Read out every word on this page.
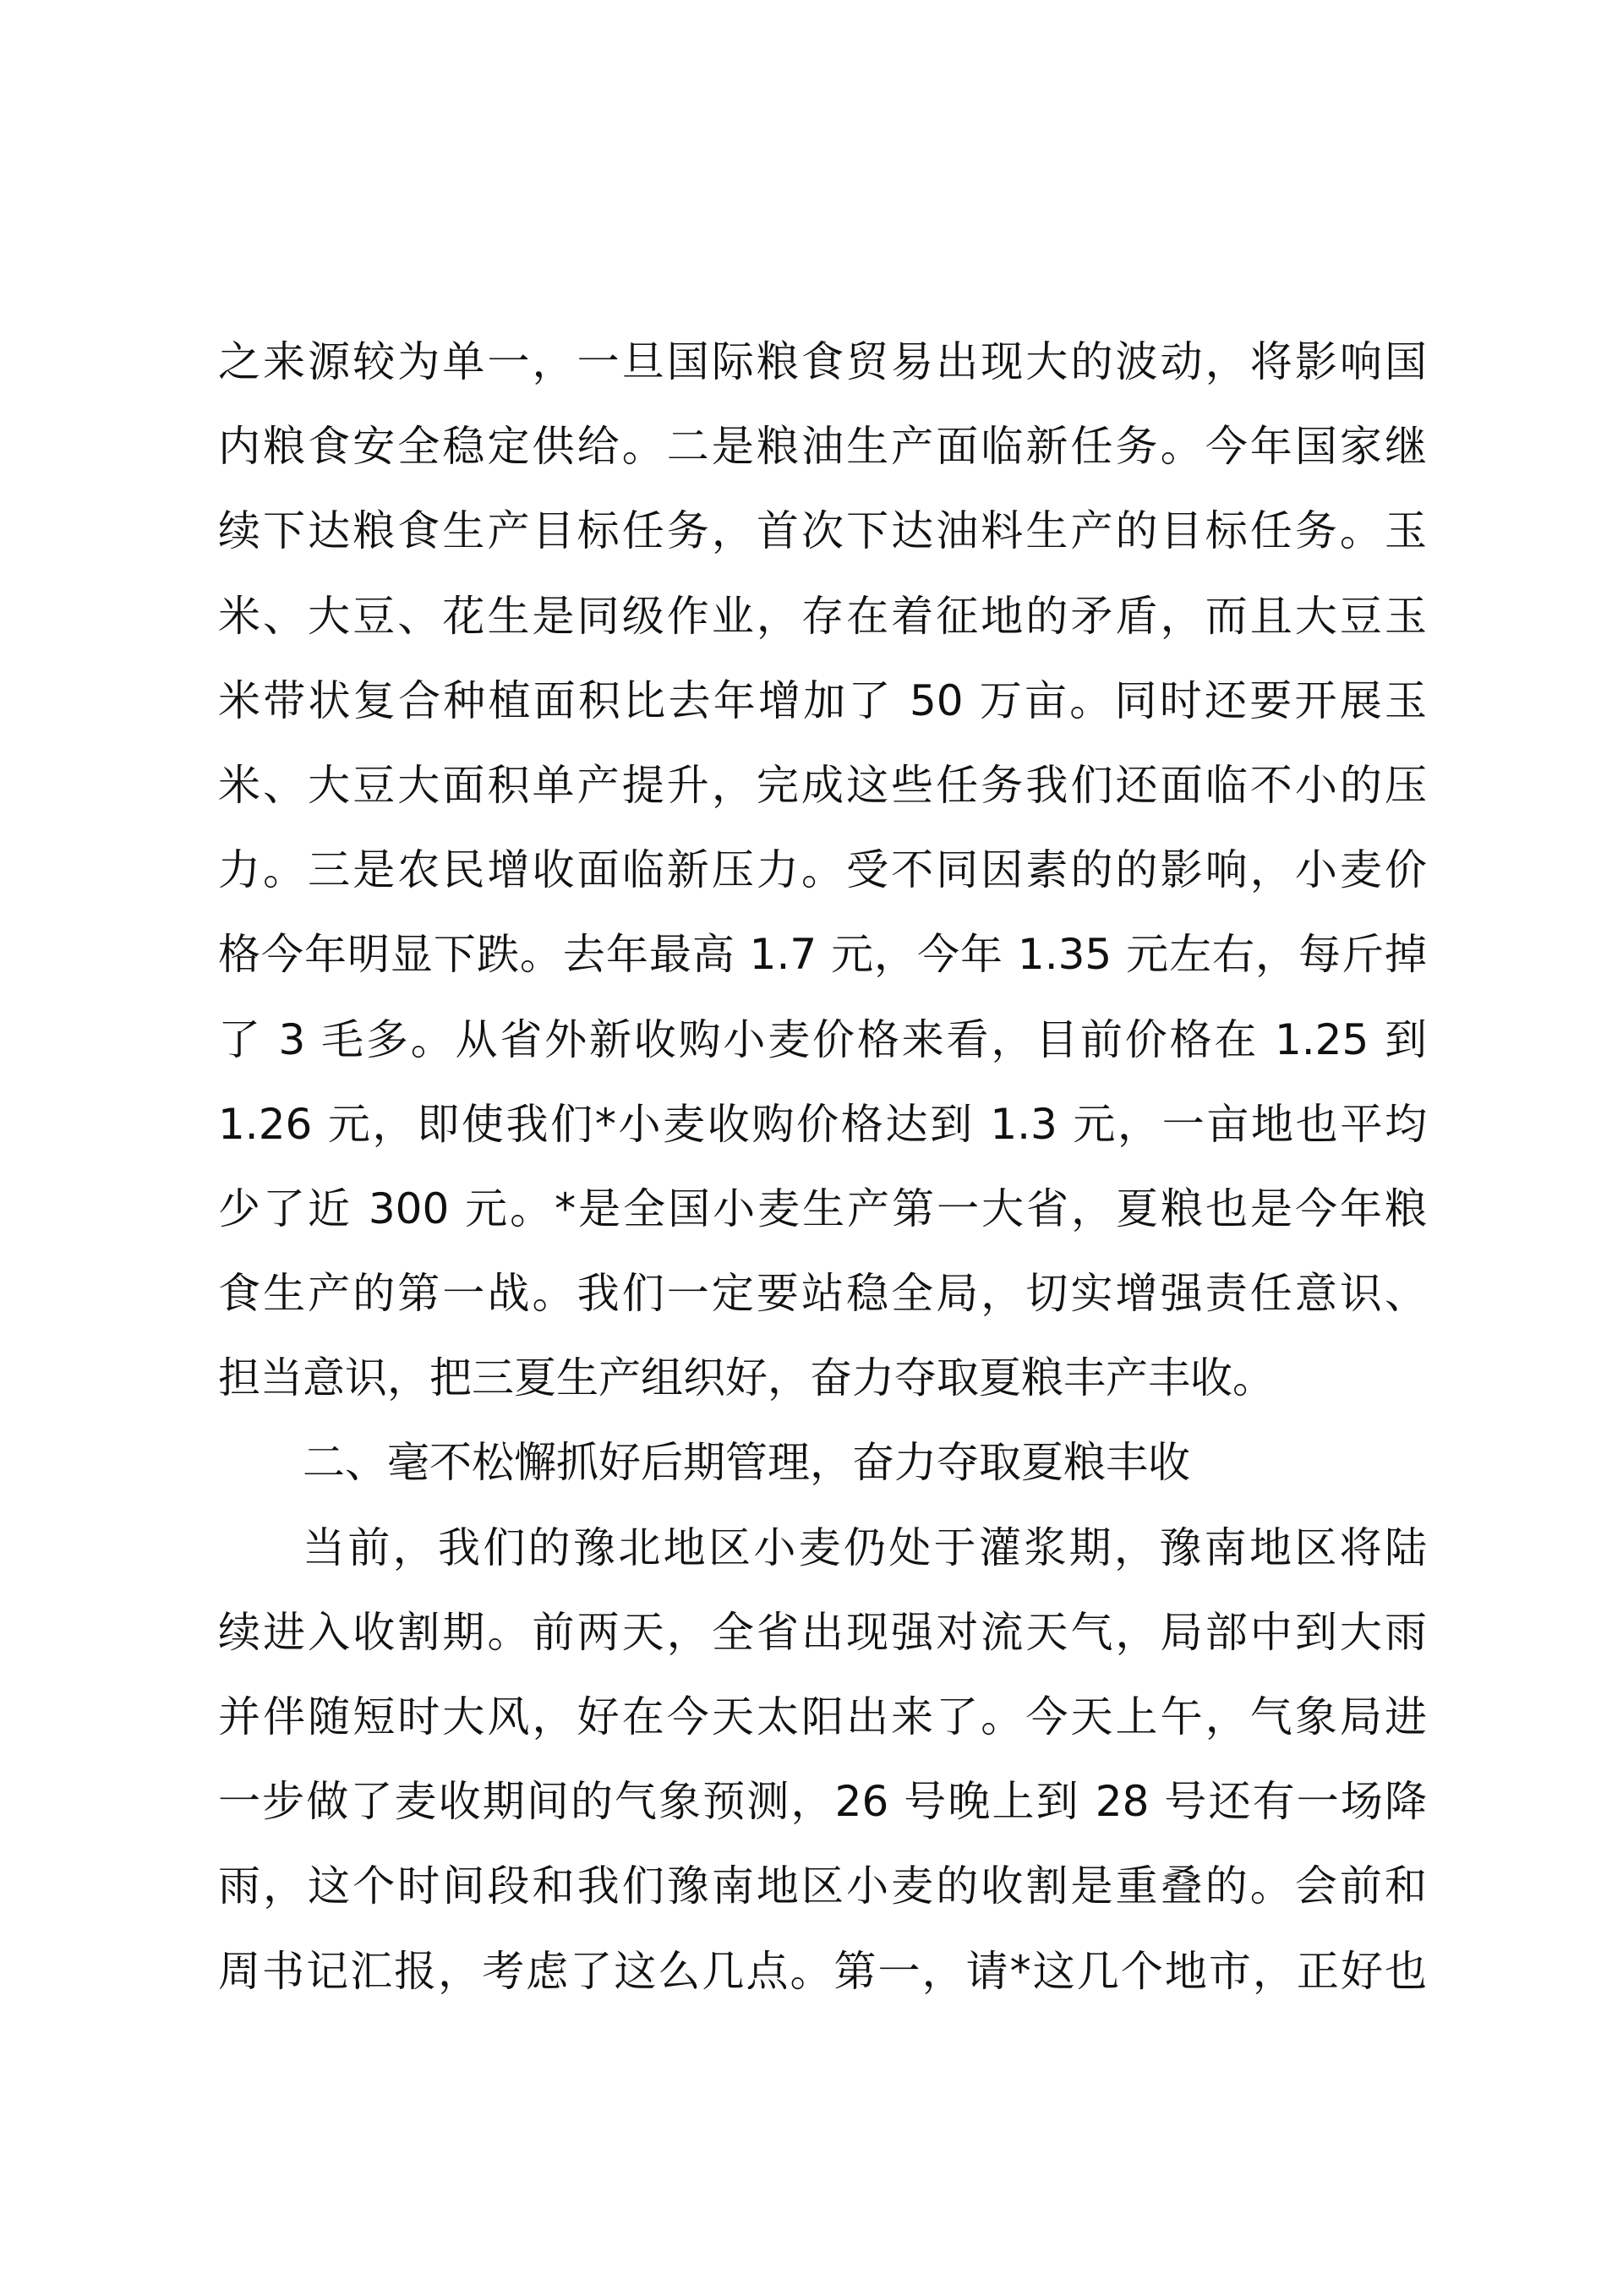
之来源较为单一，一旦国际粮食贸易出现大的波动，将影响国
内粮食安全稳定供给。二是粮油生产面临新任务。今年国家继
续下达粮食生产目标任务，首次下达油料生产的目标任务。玉
米、大豆、花生是同级作业，存在着征地的矛盾，而且大豆玉
米带状复合种植面积比去年增加了 50 万亩。同时还要开展玉
米、大豆大面积单产提升，完成这些任务我们还面临不小的压
力。三是农民增收面临新压力。受不同因素的的影响，小麦价
格今年明显下跌。去年最高 1.7 元，今年 1.35 元左右，每斤掉
了 3 毛多。从省外新收购小麦价格来看，目前价格在 1.25 到
1.26 元，即使我们*小麦收购价格达到 1.3 元，一亩地也平均
少了近 300 元。*是全国小麦生产第一大省，夏粮也是今年粮
食生产的第一战。我们一定要站稳全局，切实增强责任意识、
担当意识，把三夏生产组织好，奋力夺取夏粮丰产丰收。
二、毫不松懈抓好后期管理，奋力夺取夏粮丰收
当前，我们的豫北地区小麦仍处于灌浆期，豫南地区将陆
续进入收割期。前两天，全省出现强对流天气，局部中到大雨
并伴随短时大风，好在今天太阳出来了。今天上午，气象局进
一步做了麦收期间的气象预测，26 号晚上到 28 号还有一场降
雨，这个时间段和我们豫南地区小麦的收割是重叠的。会前和
周书记汇报，考虑了这么几点。第一，请*这几个地市，正好也
